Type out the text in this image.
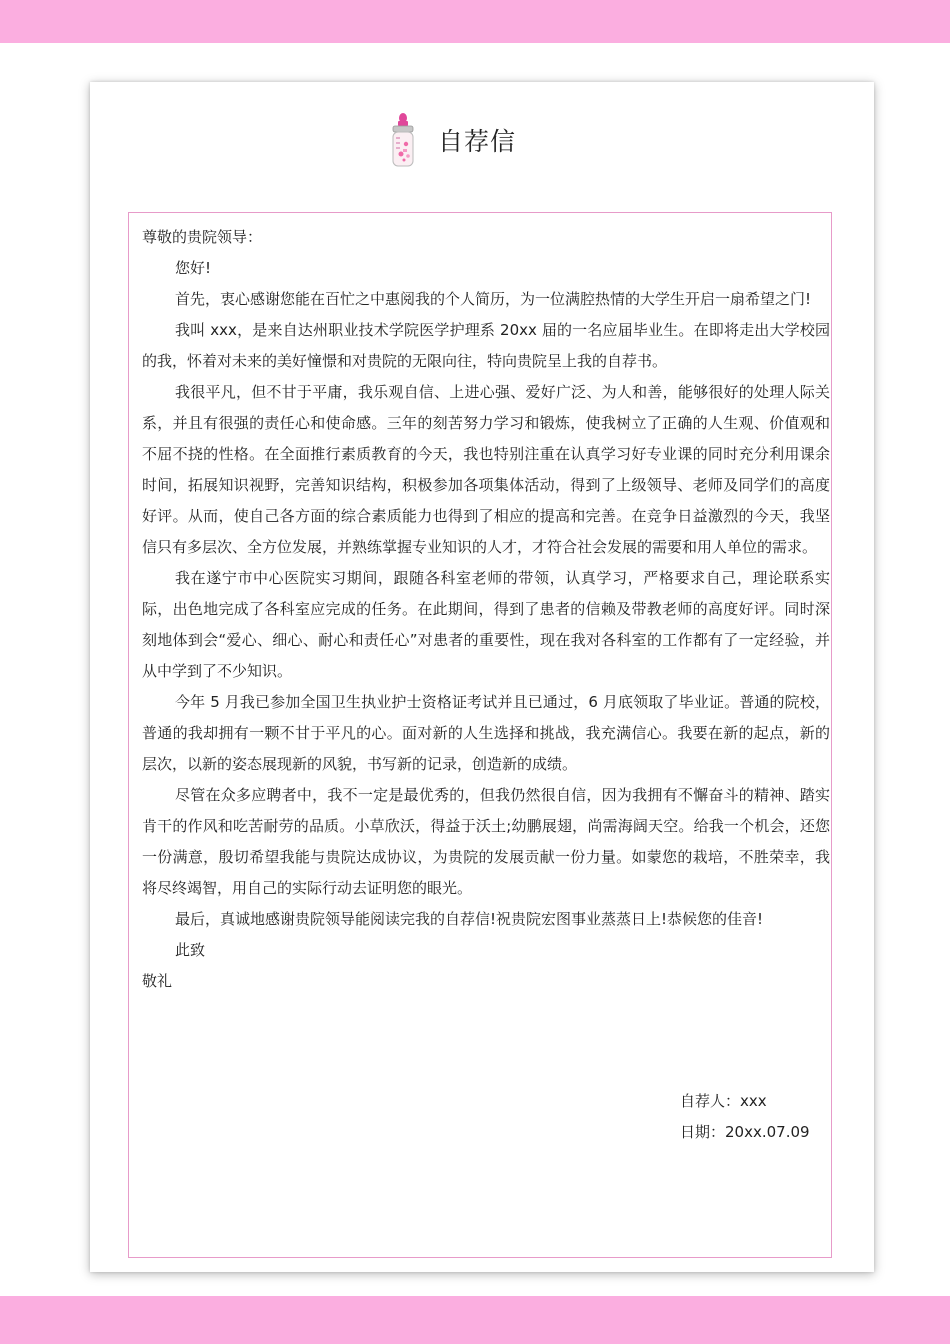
自荐信

尊敬的贵院领导：

您好!

首先，衷心感谢您能在百忙之中惠阅我的个人简历，为一位满腔热情的大学生开启一扇希望之门!

我叫 xxx，是来自达州职业技术学院医学护理系 20xx 届的一名应届毕业生。在即将走出大学校园的我，怀着对未来的美好憧憬和对贵院的无限向往，特向贵院呈上我的自荐书。

我很平凡，但不甘于平庸，我乐观自信、上进心强、爱好广泛、为人和善，能够很好的处理人际关系，并且有很强的责任心和使命感。三年的刻苦努力学习和锻炼，使我树立了正确的人生观、价值观和不屈不挠的性格。在全面推行素质教育的今天，我也特别注重在认真学习好专业课的同时充分利用课余时间，拓展知识视野，完善知识结构，积极参加各项集体活动，得到了上级领导、老师及同学们的高度好评。从而，使自己各方面的综合素质能力也得到了相应的提高和完善。在竞争日益激烈的今天，我坚信只有多层次、全方位发展，并熟练掌握专业知识的人才，才符合社会发展的需要和用人单位的需求。

我在遂宁市中心医院实习期间，跟随各科室老师的带领，认真学习，严格要求自己，理论联系实际，出色地完成了各科室应完成的任务。在此期间，得到了患者的信赖及带教老师的高度好评。同时深刻地体到会“爱心、细心、耐心和责任心”对患者的重要性，现在我对各科室的工作都有了一定经验，并从中学到了不少知识。

今年 5 月我已参加全国卫生执业护士资格证考试并且已通过，6 月底领取了毕业证。普通的院校，普通的我却拥有一颗不甘于平凡的心。面对新的人生选择和挑战，我充满信心。我要在新的起点，新的层次，以新的姿态展现新的风貌，书写新的记录，创造新的成绩。

尽管在众多应聘者中，我不一定是最优秀的，但我仍然很自信，因为我拥有不懈奋斗的精神、踏实肯干的作风和吃苦耐劳的品质。小草欣沃，得益于沃土;幼鹏展翅，尚需海阔天空。给我一个机会，还您一份满意，殷切希望我能与贵院达成协议，为贵院的发展贡献一份力量。如蒙您的栽培，不胜荣幸，我将尽终竭智，用自己的实际行动去证明您的眼光。

最后，真诚地感谢贵院领导能阅读完我的自荐信!祝贵院宏图事业蒸蒸日上!恭候您的佳音!

此致

敬礼

自荐人：xxx
日期：20xx.07.09
